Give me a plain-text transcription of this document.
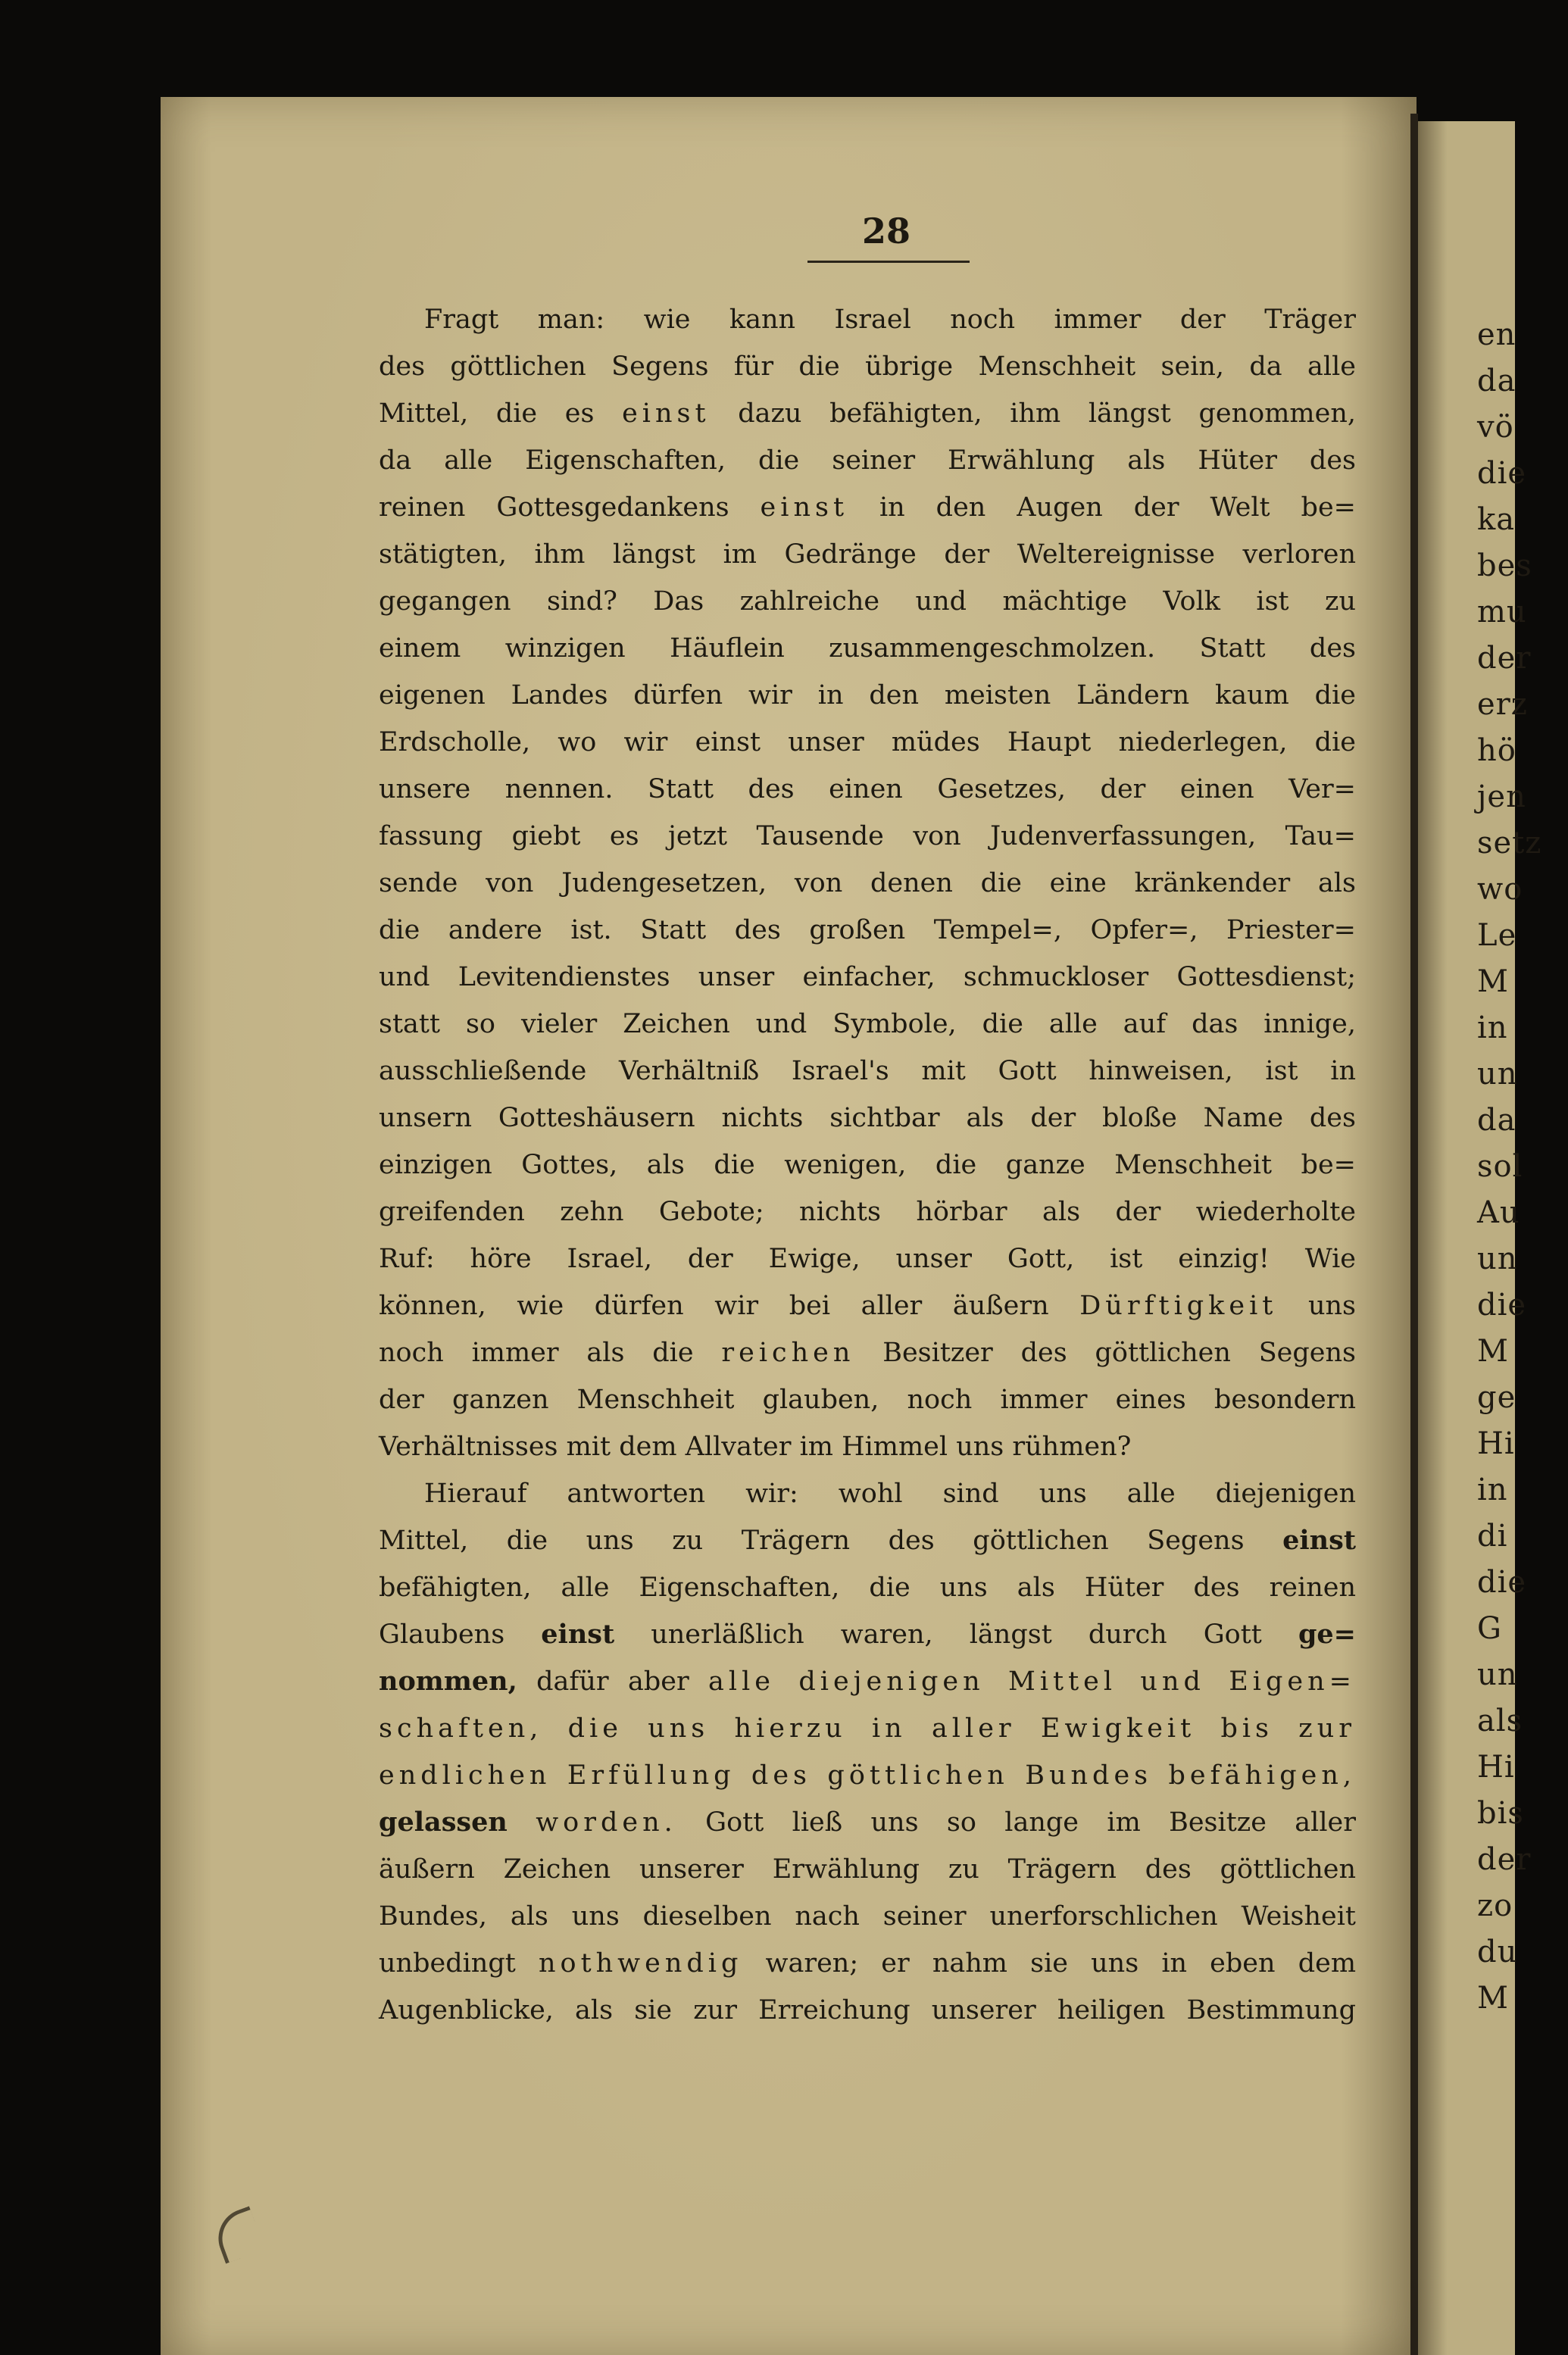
en
da
vö
die
ka
bes
mu
der
erz
hö
jen
setz
wo
Le
M
in
un
da
sol
Au
un
die
M
ge
Hi
in
di
die
G
un
als
Hi
bis
der
zo
du
M
28
Fragt man: wie kann Israel noch immer der Träger
des göttlichen Segens für die übrige Menschheit sein, da alle
Mittel, die es einst dazu befähigten, ihm längst genommen,
da alle Eigenschaften, die seiner Erwählung als Hüter des
reinen Gottesgedankens einst in den Augen der Welt be=
stätigten, ihm längst im Gedränge der Weltereignisse verloren
gegangen sind? Das zahlreiche und mächtige Volk ist zu
einem winzigen Häuflein zusammengeschmolzen. Statt des
eigenen Landes dürfen wir in den meisten Ländern kaum die
Erdscholle, wo wir einst unser müdes Haupt niederlegen, die
unsere nennen. Statt des einen Gesetzes, der einen Ver=
fassung giebt es jetzt Tausende von Judenverfassungen, Tau=
sende von Judengesetzen, von denen die eine kränkender als
die andere ist. Statt des großen Tempel=, Opfer=, Priester=
und Levitendienstes unser einfacher, schmuckloser Gottesdienst;
statt so vieler Zeichen und Symbole, die alle auf das innige,
ausschließende Verhältniß Israel's mit Gott hinweisen, ist in
unsern Gotteshäusern nichts sichtbar als der bloße Name des
einzigen Gottes, als die wenigen, die ganze Menschheit be=
greifenden zehn Gebote; nichts hörbar als der wiederholte
Ruf: höre Israel, der Ewige, unser Gott, ist einzig! Wie
können, wie dürfen wir bei aller äußern Dürftigkeit uns
noch immer als die reichen Besitzer des göttlichen Segens
der ganzen Menschheit glauben, noch immer eines besondern
Verhältnisses mit dem Allvater im Himmel uns rühmen?
Hierauf antworten wir: wohl sind uns alle diejenigen
Mittel, die uns zu Trägern des göttlichen Segens einst
befähigten, alle Eigenschaften, die uns als Hüter des reinen
Glaubens einst unerläßlich waren, längst durch Gott ge=
nommen, dafür aber alle diejenigen Mittel und Eigen=
schaften, die uns hierzu in aller Ewigkeit bis zur
endlichen Erfüllung des göttlichen Bundes befähigen,
gelassen worden. Gott ließ uns so lange im Besitze aller
äußern Zeichen unserer Erwählung zu Trägern des göttlichen
Bundes, als uns dieselben nach seiner unerforschlichen Weisheit
unbedingt nothwendig waren; er nahm sie uns in eben dem
Augenblicke, als sie zur Erreichung unserer heiligen Bestimmung
